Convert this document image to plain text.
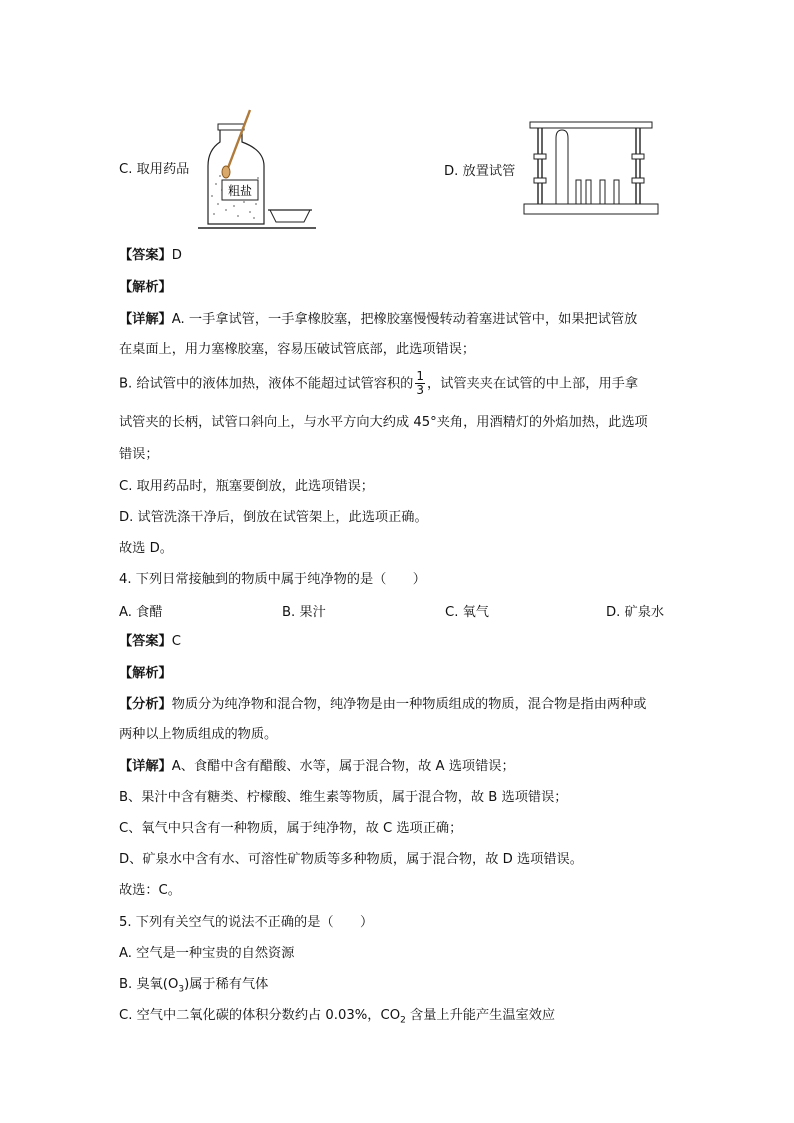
C. 取用药品
粗盐
D. 放置试管
【答案】D
【解析】
【详解】A. 一手拿试管，一手拿橡胶塞，把橡胶塞慢慢转动着塞进试管中，如果把试管放
在桌面上，用力塞橡胶塞，容易压破试管底部，此选项错误；
B. 给试管中的液体加热，液体不能超过试管容积的 $\frac{1}{3}$ ，试管夹夹在试管的中上部，用手拿
试管夹的长柄，试管口斜向上，与水平方向大约成 45°夹角，用酒精灯的外焰加热，此选项
错误；
C. 取用药品时，瓶塞要倒放，此选项错误；
D. 试管洗涤干净后，倒放在试管架上，此选项正确。
故选 D。
4. 下列日常接触到的物质中属于纯净物的是（　　）
A. 食醋	B. 果汁	C. 氧气	D. 矿泉水
【答案】C
【解析】
【分析】物质分为纯净物和混合物，纯净物是由一种物质组成的物质，混合物是指由两种或
两种以上物质组成的物质。
【详解】A、食醋中含有醋酸、水等，属于混合物，故 A 选项错误；
B、果汁中含有糖类、柠檬酸、维生素等物质，属于混合物，故 B 选项错误；
C、氧气中只含有一种物质，属于纯净物，故 C 选项正确；
D、矿泉水中含有水、可溶性矿物质等多种物质，属于混合物，故 D 选项错误。
故选：C。
5. 下列有关空气的说法不正确的是（　　）
A. 空气是一种宝贵的自然资源
B. 臭氧$(O_3)$属于稀有气体
C. 空气中二氧化碳的体积分数约占 0.03%，$CO_2$ 含量上升能产生温室效应
